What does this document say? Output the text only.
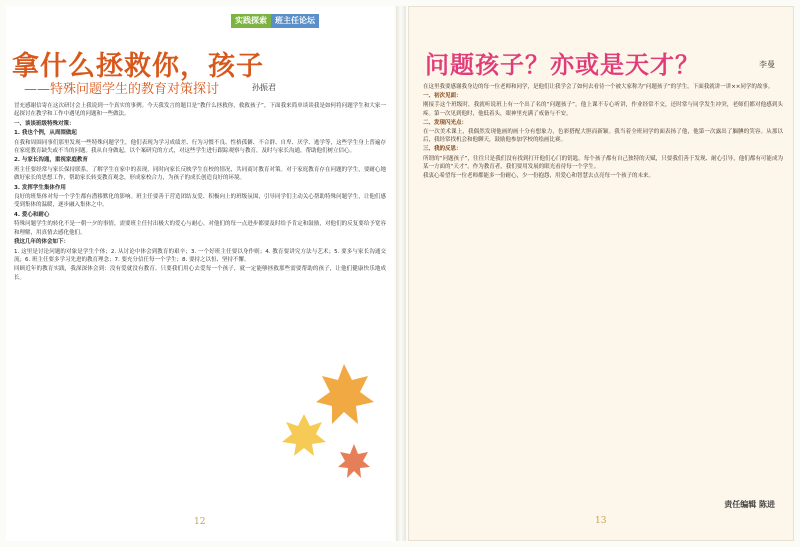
实践探索	班主任论坛
拿什么拯救你，孩子
——特殊问题学生的教育对策探讨	孙振君

冒充感谢信寄在这次研讨会上我说到一个真实的事例。今天我发言的题目是“教什么拯救你，救救孩子”，下面我来简单谈谈我是如何将问题学生和大家一起探讨在教学和工作中遇见的问题和一些做法。

一、谈谈班级特殊对策：

1. 我也个例，从周围做起

在我和周围同事们那里发现一些特殊问题学生，他们表现为学习成绩差、行为习惯不良、性格孤僻、不合群、自卑、厌学、逃学等，这些学生身上普遍存在家庭教育缺失或不当的问题。我从自身做起，以个案研究的方式，对这些学生进行跟踪观察与教育，及时与家长沟通，帮助他们树立信心。

2. 与家长沟通，重视家庭教育

班主任要经常与家长保持联系，了解学生在家中的表现，同时向家长反映学生在校的情况，共同商讨教育对策。对于家庭教育存在问题的学生，要耐心地做好家长的思想工作，帮助家长转变教育观念，形成家校合力，为孩子的成长创造良好的环境。

3. 发挥学生集体作用

良好的班集体对每一个学生都有潜移默化的影响。班主任要善于营造团结友爱、积极向上的班级氛围，引导同学们主动关心帮助特殊问题学生，让他们感受到集体的温暖，逐步融入集体之中。

4. 爱心和耐心

特殊问题学生的转化不是一朝一夕的事情，需要班主任付出极大的爱心与耐心。对他们的每一点进步都要及时给予肯定和鼓励，对他们的反复要给予宽容和理解，用真情去感化他们。

我这几年的体会如下：

1. 这里是讨论问题的对象是学生个体；2. 从讨论中体会到教育的艰辛；3. 一个好班主任要以身作则；4. 教育要讲究方法与艺术；5. 要多与家长沟通交流；6. 班主任要多学习先进的教育理念；7. 要充分信任每一个学生；8. 要持之以恒、坚持不懈。

回顾近年的教育实践，我深深体会到：没有爱就没有教育。只要我们用心去爱每一个孩子，就一定能够拯救那些需要帮助的孩子，让他们健康快乐地成长。

12
问题孩子？亦或是天才？	李曼

在这里我要感谢我身边的每一位老师和同学，是他们让我学会了如何去看待一个被大家称为“问题孩子”的学生。下面我就讲一讲××同学的故事。

一、初次见面：

刚接手这个班级时，我就听说班上有一个出了名的“问题孩子”。他上课不专心听讲，作业经常不交，还时常与同学发生冲突，老师们都对他感到头疼。第一次见到他时，他低着头，眼神里充满了戒备与不安。

二、发现闪光点：

在一次美术课上，我偶然发现他画的画十分有想象力，色彩搭配大胆而新颖。我当着全班同学的面表扬了他，他第一次露出了腼腆的笑容。从那以后，我经常找机会和他聊天，鼓励他参加学校的绘画比赛。

三、我的反思：

所谓的“问题孩子”，往往只是我们没有找到打开他们心门的钥匙。每个孩子都有自己独特的天赋，只要我们善于发现、耐心引导，他们都有可能成为某一方面的“天才”。作为教育者，我们要用发展的眼光看待每一个学生。

我衷心希望每一位老师都能多一份耐心，少一份抱怨，用爱心和智慧去点亮每一个孩子的未来。

责任编辑 陈进
13
